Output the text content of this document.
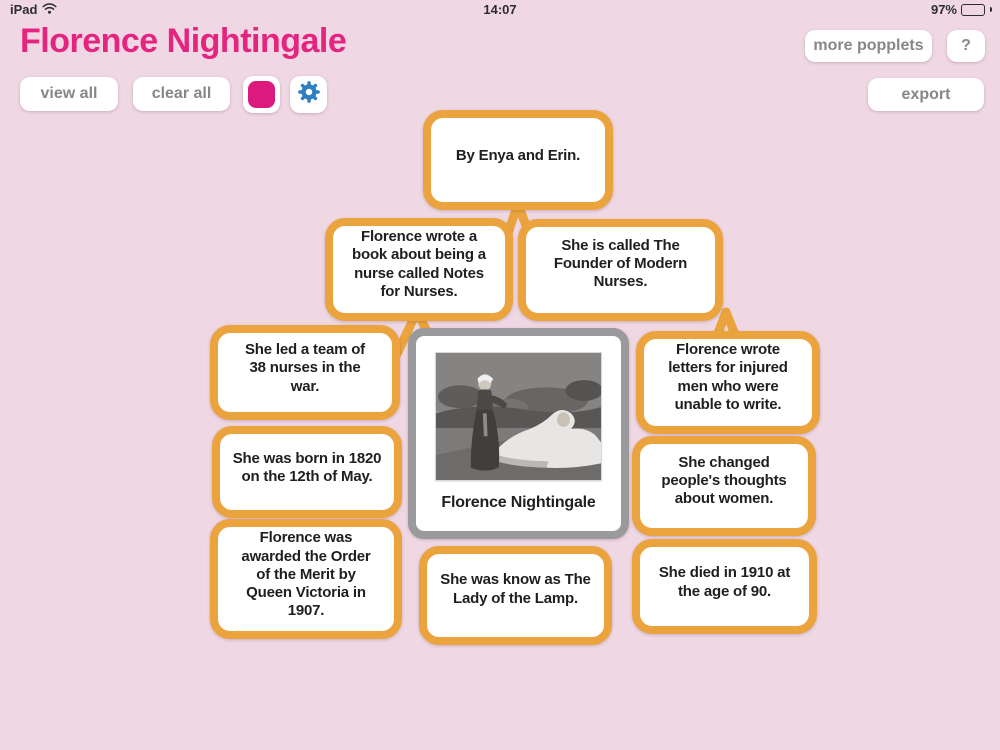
iPad	14:07	97%
Florence Nightingale	more popplets	?
view all	clear all	export
Florence Nightingale
By Enya and Erin.
Florence wrote a book about being a nurse called Notes for Nurses.
She is called The Founder of Modern Nurses.
She led a team of 38 nurses in the war.
She was born in 1820 on the 12th of May.
Florence was awarded the Order of the Merit by Queen Victoria in 1907.
Florence wrote letters for injured men who were unable to write.
She changed people's thoughts about women.
She died in 1910 at the age of 90.
She was know as The Lady of the Lamp.
